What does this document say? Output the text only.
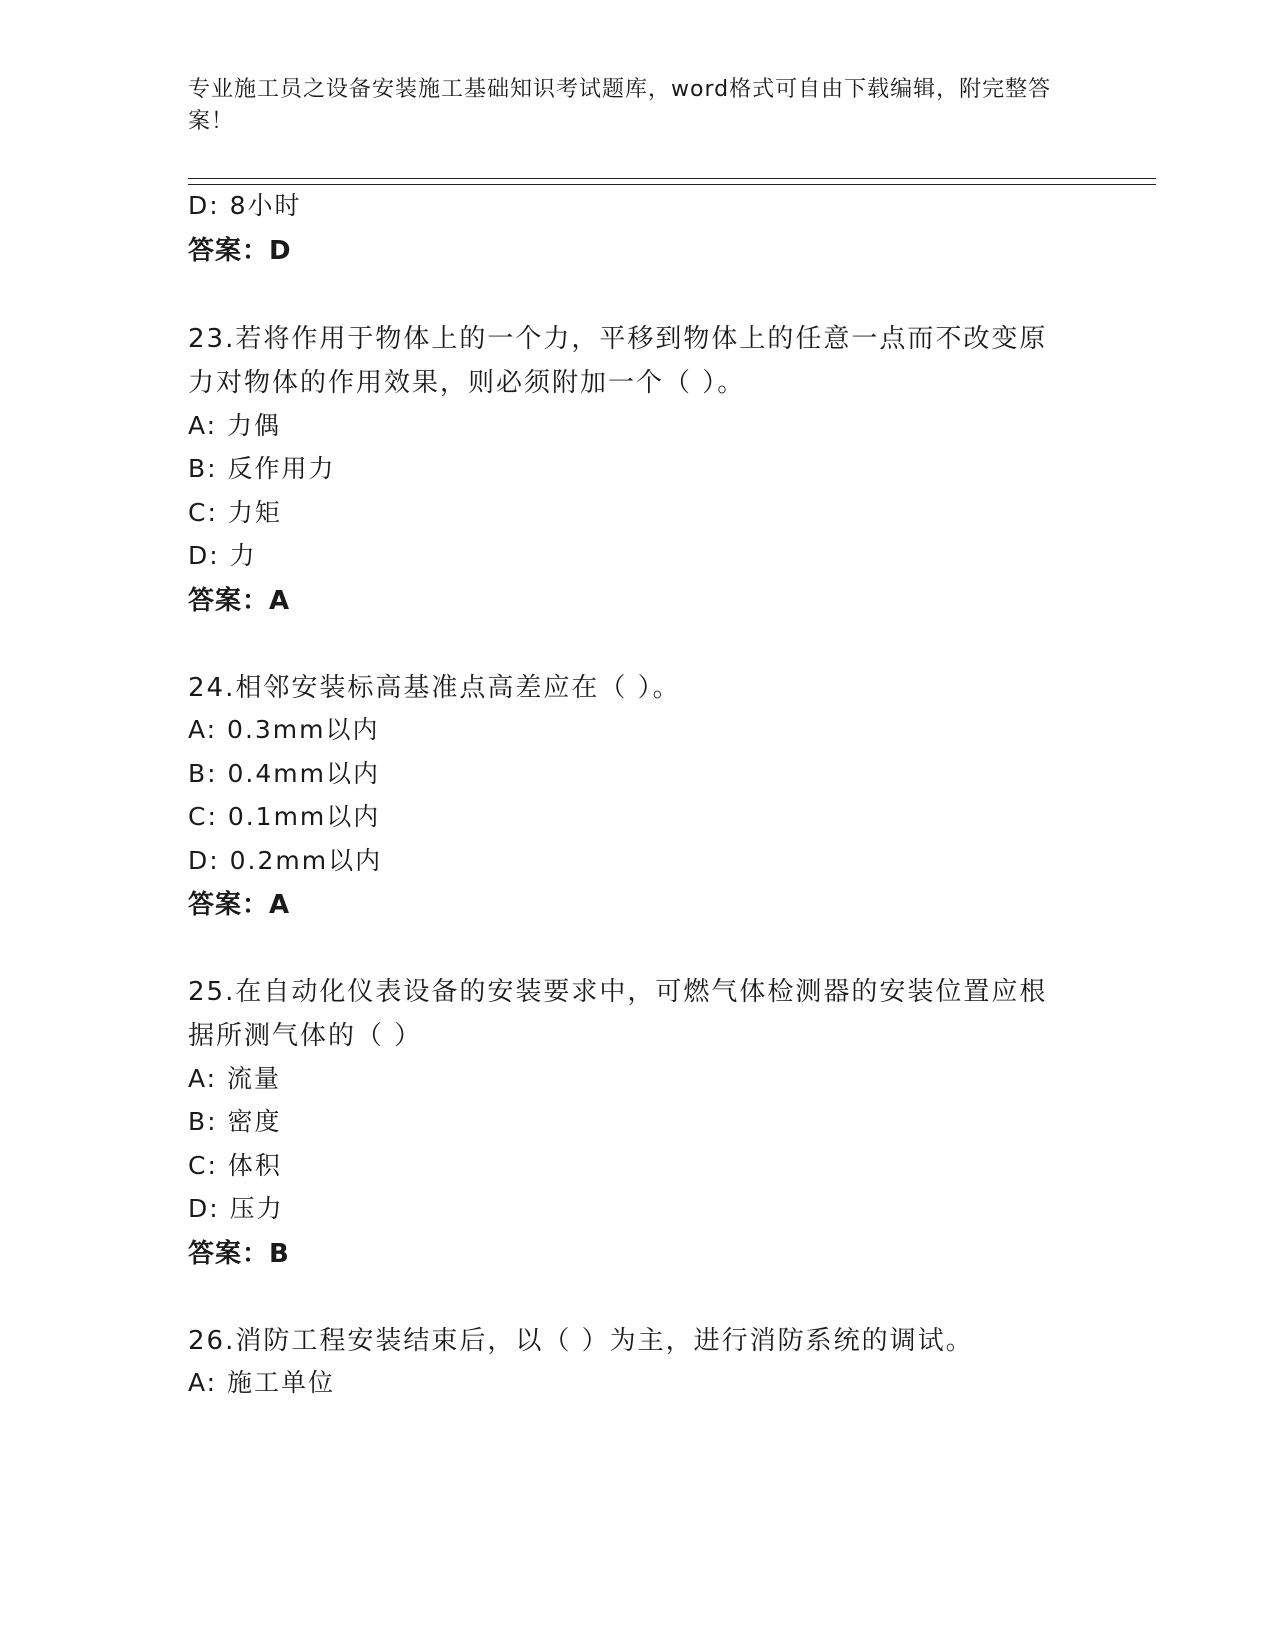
专业施工员之设备安装施工基础知识考试题库，word格式可自由下载编辑，附完整答案！
D: 8小时
答案：D
23.若将作用于物体上的一个力，平移到物体上的任意一点而不改变原
力对物体的作用效果，则必须附加一个（ ）。
A: 力偶
B: 反作用力
C: 力矩
D: 力
答案：A
24.相邻安装标高基准点高差应在（ ）。
A: 0.3mm以内
B: 0.4mm以内
C: 0.1mm以内
D: 0.2mm以内
答案：A
25.在自动化仪表设备的安装要求中，可燃气体检测器的安装位置应根
据所测气体的（ ）
A: 流量
B: 密度
C: 体积
D: 压力
答案：B
26.消防工程安装结束后，以（ ）为主，进行消防系统的调试。
A: 施工单位
